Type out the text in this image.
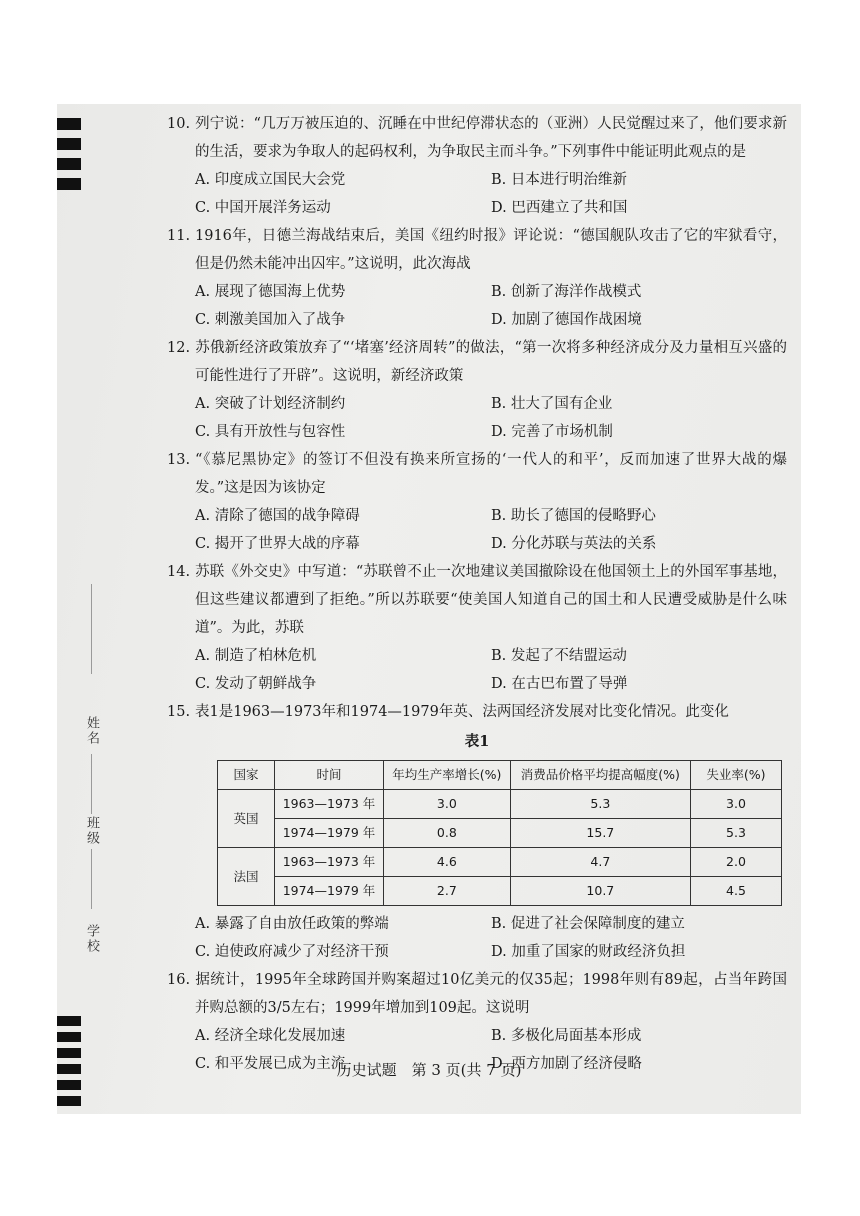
姓名
班级
学校
10. 列宁说：“几万万被压迫的、沉睡在中世纪停滞状态的（亚洲）人民觉醒过来了，他们要求新的生活，要求为争取人的起码权利，为争取民主而斗争。”下列事件中能证明此观点的是
A. 印度成立国民大会党	B. 日本进行明治维新
C. 中国开展洋务运动	D. 巴西建立了共和国
11. 1916年，日德兰海战结束后，美国《纽约时报》评论说：“德国舰队攻击了它的牢狱看守，但是仍然未能冲出囚牢。”这说明，此次海战
A. 展现了德国海上优势	B. 创新了海洋作战模式
C. 刺激美国加入了战争	D. 加剧了德国作战困境
12. 苏俄新经济政策放弃了“‘堵塞’经济周转”的做法，“第一次将多种经济成分及力量相互兴盛的可能性进行了开辟”。这说明，新经济政策
A. 突破了计划经济制约	B. 壮大了国有企业
C. 具有开放性与包容性	D. 完善了市场机制
13. “《慕尼黑协定》的签订不但没有换来所宣扬的‘一代人的和平’，反而加速了世界大战的爆发。”这是因为该协定
A. 清除了德国的战争障碍	B. 助长了德国的侵略野心
C. 揭开了世界大战的序幕	D. 分化苏联与英法的关系
14. 苏联《外交史》中写道：“苏联曾不止一次地建议美国撤除设在他国领土上的外国军事基地，但这些建议都遭到了拒绝。”所以苏联要“使美国人知道自己的国土和人民遭受威胁是什么味道”。为此，苏联
A. 制造了柏林危机	B. 发起了不结盟运动
C. 发动了朝鲜战争	D. 在古巴布置了导弹
15. 表1是1963—1973年和1974—1979年英、法两国经济发展对比变化情况。此变化
表1
国家	时间	年均生产率增长(%)	消费品价格平均提高幅度(%)	失业率(%)
英国	1963—1973 年	3.0	5.3	3.0
	1974—1979 年	0.8	15.7	5.3
法国	1963—1973 年	4.6	4.7	2.0
	1974—1979 年	2.7	10.7	4.5
A. 暴露了自由放任政策的弊端	B. 促进了社会保障制度的建立
C. 迫使政府减少了对经济干预	D. 加重了国家的财政经济负担
16. 据统计，1995年全球跨国并购案超过10亿美元的仅35起；1998年则有89起，占当年跨国并购总额的3/5左右；1999年增加到109起。这说明
A. 经济全球化发展加速	B. 多极化局面基本形成
C. 和平发展已成为主流	D. 西方加剧了经济侵略
历史试题　第 3 页(共 7 页)
